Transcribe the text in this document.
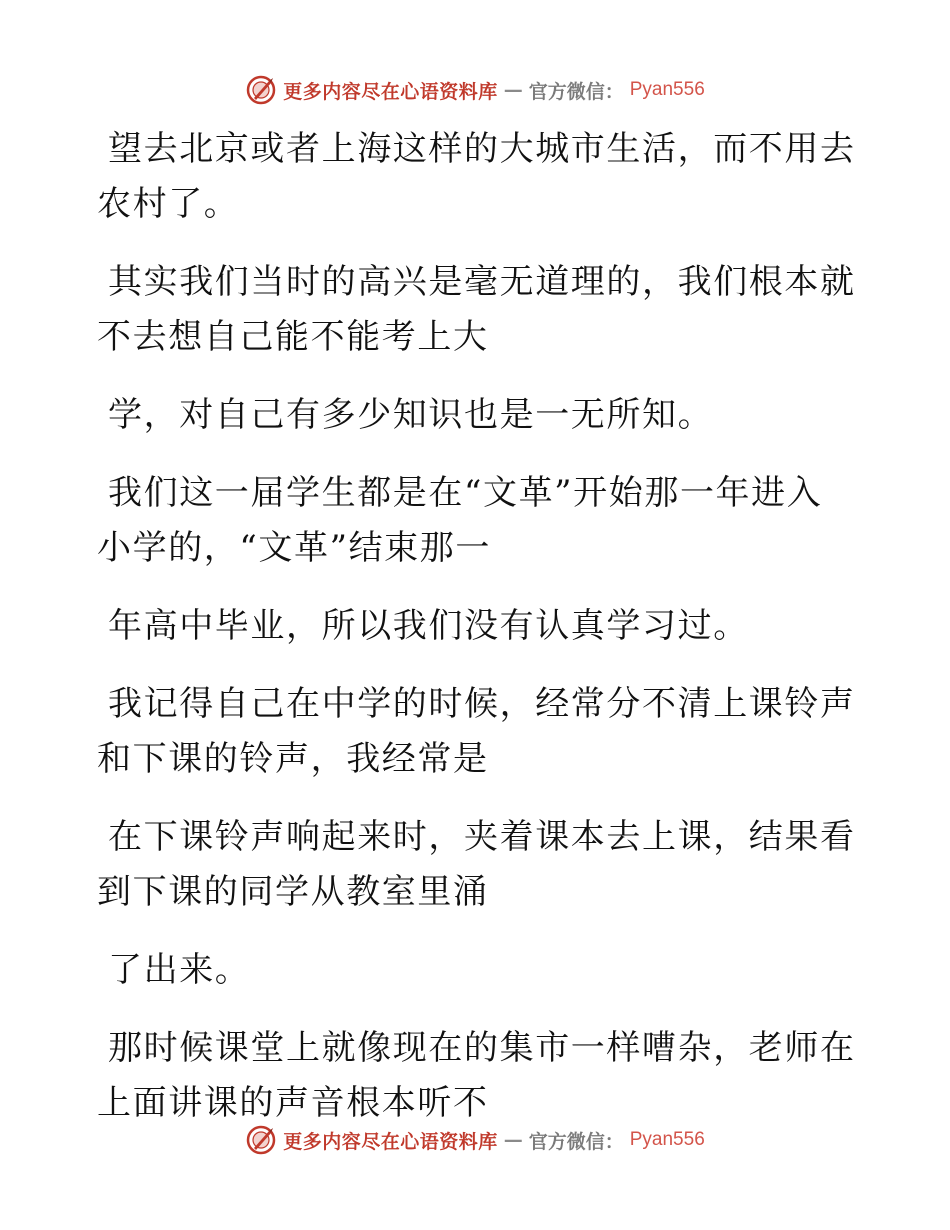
更多内容尽在心语资料库 — 官方微信： Pyan556

望去北京或者上海这样的大城市生活，而不用去
农村了。

其实我们当时的高兴是毫无道理的，我们根本就
不去想自己能不能考上大

学，对自己有多少知识也是一无所知。

我们这一届学生都是在“文革”开始那一年进入
小学的，“文革”结束那一

年高中毕业，所以我们没有认真学习过。

我记得自己在中学的时候，经常分不清上课铃声
和下课的铃声，我经常是

在下课铃声响起来时，夹着课本去上课，结果看
到下课的同学从教室里涌

了出来。

那时候课堂上就像现在的集市一样嘈杂，老师在
上面讲课的声音根本听不

更多内容尽在心语资料库 — 官方微信： Pyan556
